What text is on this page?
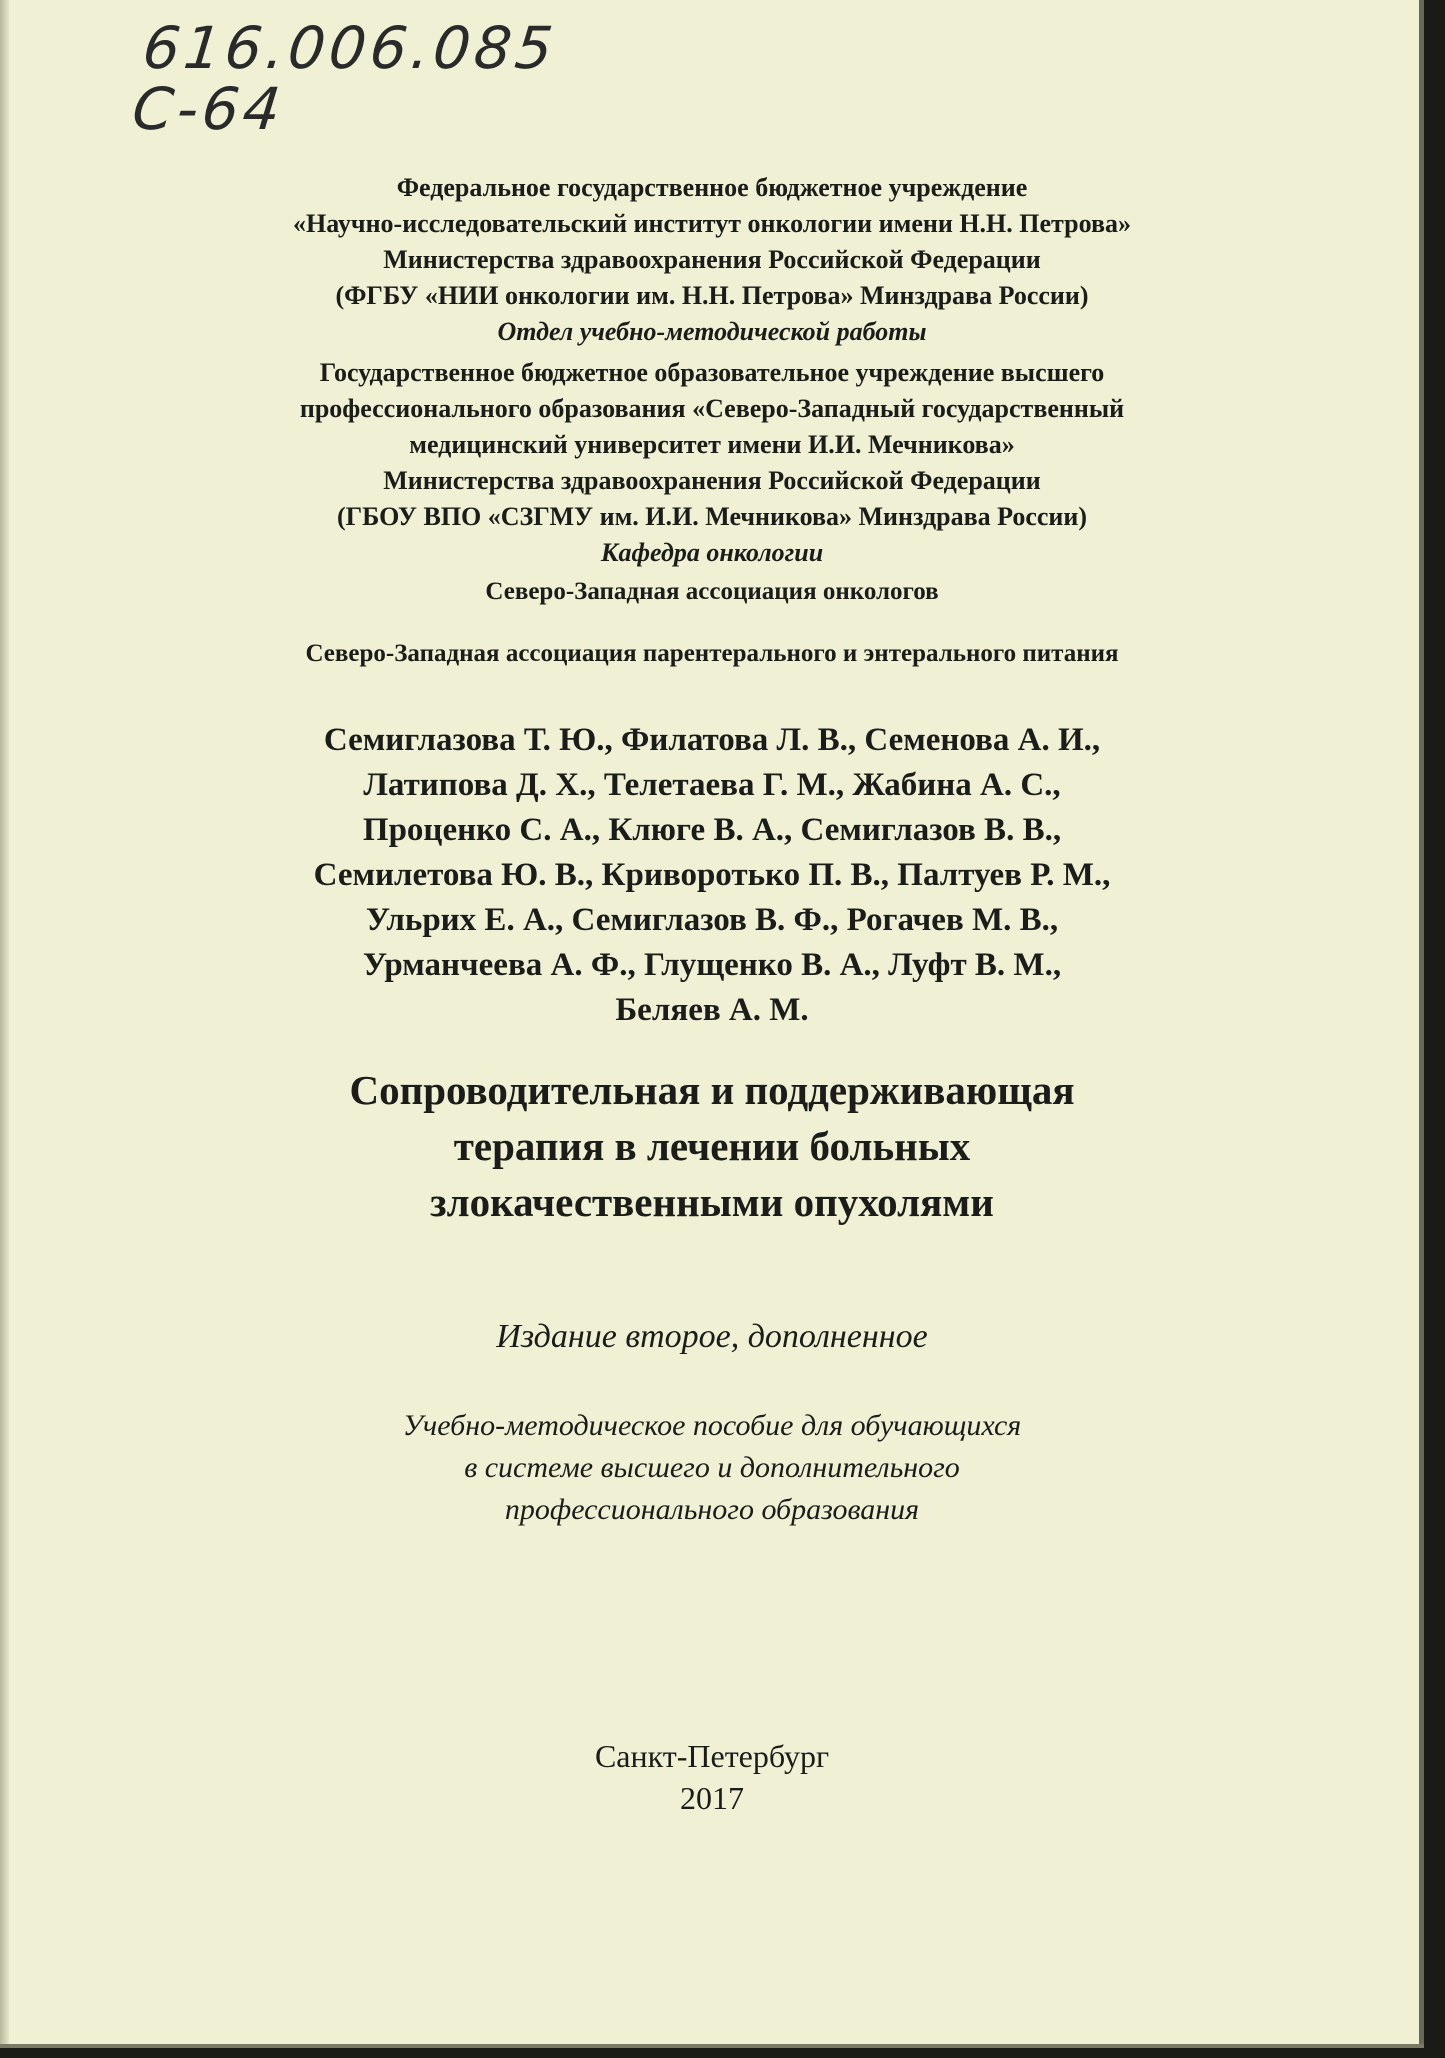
616.006.085
С-64
Федеральное государственное бюджетное учреждение
«Научно-исследовательский институт онкологии имени Н.Н. Петрова»
Министерства здравоохранения Российской Федерации
(ФГБУ «НИИ онкологии им. Н.Н. Петрова» Минздрава России)
Отдел учебно-методической работы
Государственное бюджетное образовательное учреждение высшего
профессионального образования «Северо-Западный государственный
медицинский университет имени И.И. Мечникова»
Министерства здравоохранения Российской Федерации
(ГБОУ ВПО «СЗГМУ им. И.И. Мечникова» Минздрава России)
Кафедра онкологии
Северо-Западная ассоциация онкологов
Северо-Западная ассоциация парентерального и энтерального питания
Семиглазова Т. Ю., Филатова Л. В., Семенова А. И.,
Латипова Д. Х., Телетаева Г. М., Жабина А. С.,
Проценко С. А., Клюге В. А., Семиглазов В. В.,
Семилетова Ю. В., Криворотько П. В., Палтуев Р. М.,
Ульрих Е. А., Семиглазов В. Ф., Рогачев М. В.,
Урманчеева А. Ф., Глущенко В. А., Луфт В. М.,
Беляев А. М.
Сопроводительная и поддерживающая
терапия в лечении больных
злокачественными опухолями
Издание второе, дополненное
Учебно-методическое пособие для обучающихся
в системе высшего и дополнительного
профессионального образования
Санкт-Петербург
2017
